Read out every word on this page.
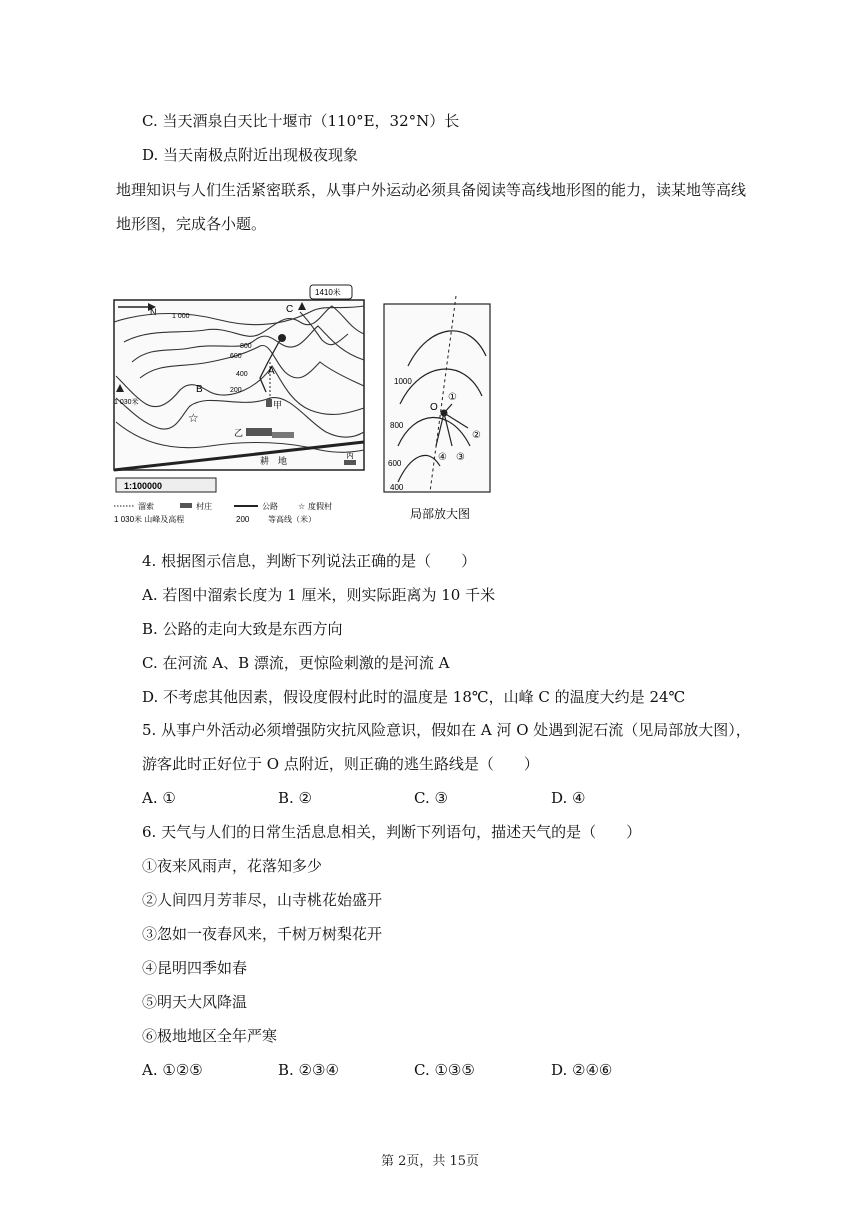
C. 当天酒泉白天比十堰市（110°E，32°N）长
D. 当天南极点附近出现极夜现象
地理知识与人们生活紧密联系，从事户外运动必须具备阅读等高线地形图的能力，读某地等高线地形图，完成各小题。
N
1410米
1 000
800
600
400
200
C
B
A
甲
乙
丙
☆
1 030米
耕　地
1:100000
溜索	村庄	公路	☆ 度假村
1 030米 山峰及高程	200 等高线（米）
1000
800
600
400
O
①
②
③
④
局部放大图
4. 根据图示信息，判断下列说法正确的是（　　）
A. 若图中溜索长度为 1 厘米，则实际距离为 10 千米
B. 公路的走向大致是东西方向
C. 在河流 A、B 漂流，更惊险刺激的是河流 A
D. 不考虑其他因素，假设度假村此时的温度是 18℃，山峰 C 的温度大约是 24℃
5. 从事户外活动必须增强防灾抗风险意识，假如在 A 河 O 处遇到泥石流（见局部放大图），
游客此时正好位于 O 点附近，则正确的逃生路线是（　　）
A. ①	B. ②	C. ③	D. ④
6. 天气与人们的日常生活息息相关，判断下列语句，描述天气的是（　　）
①夜来风雨声，花落知多少
②人间四月芳菲尽，山寺桃花始盛开
③忽如一夜春风来，千树万树梨花开
④昆明四季如春
⑤明天大风降温
⑥极地地区全年严寒
A. ①②⑤	B. ②③④	C. ①③⑤	D. ②④⑥
第 2页，共 15页
